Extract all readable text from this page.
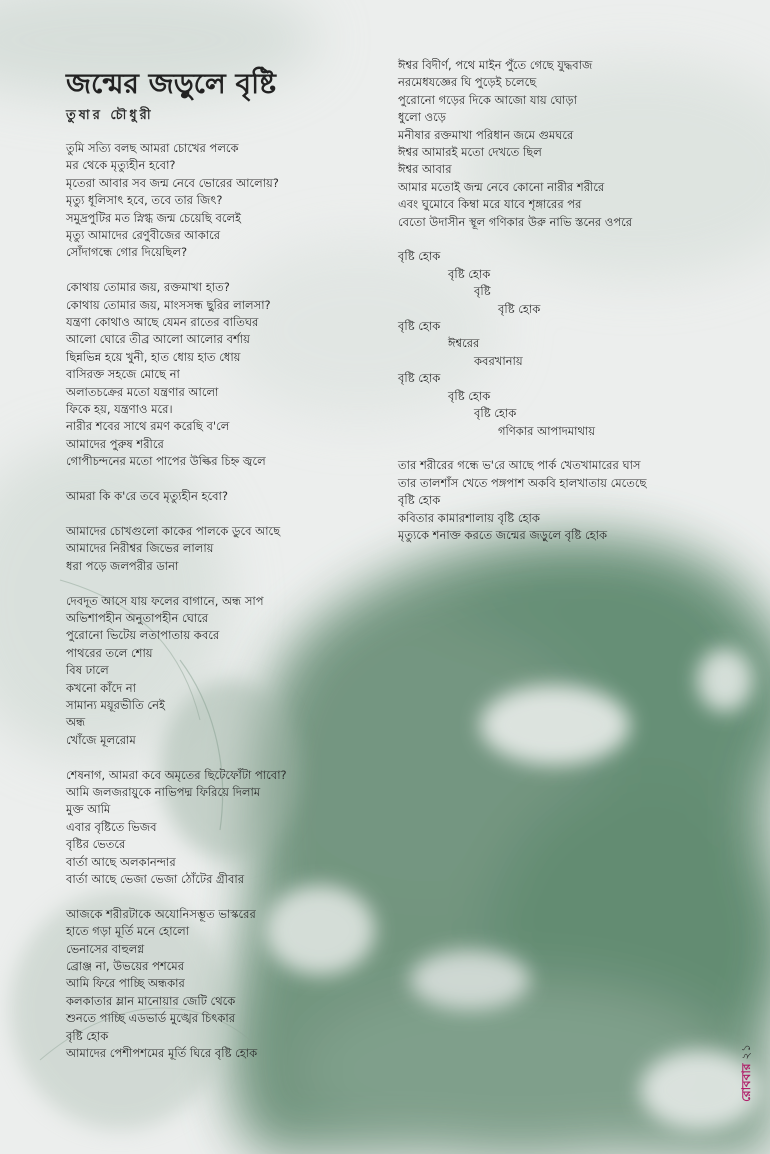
জন্মের জড়ুলে বৃষ্টি
তুষার চৌধুরী
তুমি সত্যি বলছ আমরা চোখের পলকে
মর থেকে মৃত্যুহীন হবো?
মৃতেরা আবার সব জন্ম নেবে ভোরের আলোয়?
মৃত্যু ধূলিসাৎ হবে, তবে তার জিৎ?
সমুদ্রপুটির মত স্নিগ্ধ জন্ম চেয়েছি বলেই
মৃত্যু আমাদের রেণুবীজের আকারে
সোঁদাগন্ধে গোর দিয়েছিল?
কোথায় তোমার জয়, রক্তমাখা হাত?
কোথায় তোমার জয়, মাংসসন্ধ ছুরির লালসা?
যন্ত্রণা কোথাও আছে যেমন রাতের বাতিঘর
আলো ঘোরে তীব্র আলো আলোর বর্শায়
ছিন্নভিন্ন হয়ে খুনী, হাত ধোয় হাত ধোয়
বাসিরক্ত সহজে মোছে না
অলাতচক্রের মতো যন্ত্রণার আলো
ফিকে হয়, যন্ত্রণাও মরে।
নারীর শবের সাথে রমণ করেছি ব'লে
আমাদের পুরুষ শরীরে
গোপীচন্দনের মতো পাপের উল্কির চিহ্ন জ্বলে
আমরা কি ক'রে তবে মৃত্যুহীন হবো?
আমাদের চোখগুলো কাকের পালকে ডুবে আছে
আমাদের নিরীশ্বর জিভের লালায়
ধরা পড়ে জলপরীর ডানা
দেবদূত আসে যায় ফলের বাগানে, অন্ধ সাপ
অভিশাপহীন অনুতাপহীন ঘোরে
পুরোনো ভিটেয় লতাপাতায় কবরে
পাথরের তলে শোয়
বিষ ঢালে
কখনো কাঁদে না
সামান্য ময়ূরভীতি নেই
অন্ধ
খোঁজে মূলরোম
শেষনাগ, আমরা কবে অমৃতের ছিটেফোঁটা পাবো?
আমি জলজরায়ুকে নাভিপদ্ম ফিরিয়ে দিলাম
মুক্ত আমি
এবার বৃষ্টিতে ভিজব
বৃষ্টির ভেতরে
বার্তা আছে অলকানন্দার
বার্তা আছে ভেজা ভেজা ঠোঁটের গ্রীবার
আজকে শরীরটাকে অযোনিসম্ভূত ভাস্করের
হাতে গড়া মূর্তি মনে হোলো
ভেনাসের বাহুলগ্ন
ব্রোঞ্জ না, উভয়ের পশমের
আমি ফিরে পাচ্ছি অন্ধকার
কলকাতার ম্লান মানোয়ার জেটি থেকে
শুনতে পাচ্ছি এডভার্ড মুঙ্খের চিৎকার
বৃষ্টি হোক
আমাদের পেশীপশমের মূর্তি ঘিরে বৃষ্টি হোক
ঈশ্বর বিদীর্ণ, পথে মাইন পুঁতে গেছে যুদ্ধবাজ
নরমেধযজ্ঞের ঘি পুড়েই চলেছে
পুরোনো গড়ের দিকে আজো যায় ঘোড়া
ধুলো ওড়ে
মনীষার রক্তমাখা পরিধান জমে গুমঘরে
ঈশ্বর আমারই মতো দেখতে ছিল
ঈশ্বর আবার
আমার মতোই জন্ম নেবে কোনো নারীর শরীরে
এবং ঘুমোবে কিম্বা মরে যাবে শৃঙ্গারের পর
বেতো উদাসীন স্থূল গণিকার উরু নাভি স্তনের ওপরে
বৃষ্টি হোক
বৃষ্টি হোক
বৃষ্টি
বৃষ্টি হোক
বৃষ্টি হোক
ঈশ্বরের
কবরখানায়
বৃষ্টি হোক
বৃষ্টি হোক
বৃষ্টি হোক
গণিকার আপাদমাথায়
তার শরীরের গন্ধে ভ'রে আছে পার্ক খেতখামারের ঘাস
তার তালশাঁস খেতে পঙ্গপাশ অকবি হালখাতায় মেতেছে
বৃষ্টি হোক
কবিতার কামারশালায় বৃষ্টি হোক
মৃত্যুকে শনাক্ত করতে জন্মের জড়ুলে বৃষ্টি হোক
রোববার ২১
